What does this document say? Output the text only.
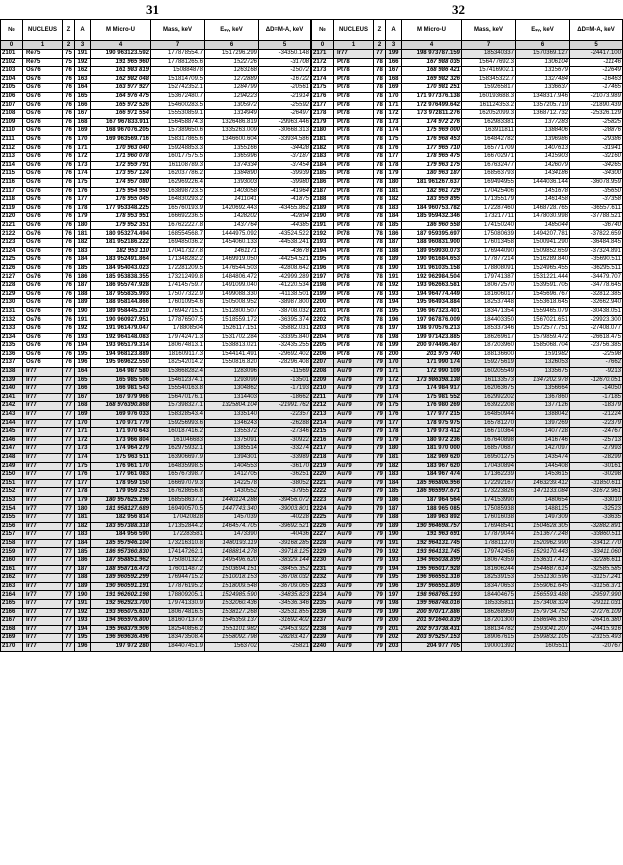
31	32
№	NUCLEUS	Z	A	M Micro-U	Mass, keV	Eₛᵥ, keV	ΔD=M-A, keV
0	1	2	3	4	7	6	5
2101	Re75	75	191	190 963123.592	177878554.7	1517296.299	-34350.148
2102	Re75	75	192	191 965 960	177881265.6	1522726	-31708
2103	Os76	76	162	161 983 819	150884878	1263168	-15072
2104	Os76	76	163	162 982 048	151814709.5	1272889	-16722
2105	Os76	76	164	163 977 927	152742352.1	1284799	-20561
2106	Os76	76	165	164 976 475	153672480.7	1294223	-21914
2107	Os76	76	166	165 972 526	154600283.5	1305972	-25592
2108	Os76	76	167	166 971 554	155530859.1	1314949	-26497
2109	Os76	76	168	167 967833.911	156458874.3	1326486.819	-29963.446
2110	Os76	76	169	168 967076.205	157389650.6	1335263.009	-30668.313
2111	Os76	76	170	169 963569.716	158317865.6	1346600.604	-33934.586
2112	Os76	76	171	170 963 040	159248853.3	1355166	-34428
2113	Os76	76	172	171 960 078	160177575.5	1365996	-37187
2114	Os76	76	173	172 959 791	161108789.3	1374334	-37454
2115	Os76	76	174	173 957 124	162037786.2	1384890	-39939
2116	Os76	76	175	174 957 080	162969226.4	1393003	-39980
2117	Os76	76	176	175 954 950	163898723.5	1403058	-41964
2118	Os76	76	177	176 955 045	164830293.2	1411041	-41875
2119	Os76	76	178	177 953348.225	165760193.9	1420692.443	-43455.862
2120	Os76	76	179	178 953 951	166692236.5	1428202	-42894
2121	Os76	76	180	179 952 351	167622227.8	1437764	-44385
2122	Os76	76	181	180 953274.494	168554568.7	1444975.092	-43524.522
2123	Os76	76	182	181 952186.222	169485036.2	1454060.133	-44538.241
2124	Os76	76	183	182 953 110	170417327.8	1461171	-43678
2125	Os76	76	184	183 952491.864	171348282.2	1469919.050	-44254.521
2126	Os76	76	185	184 954043.023	172281209.5	1476544.503	-42808.642
2127	Os76	76	186	185 953838.355	173212499.8	1484806.472	-42999.289
2128	Os76	76	187	186 955747.928	174145759.7	1491099.040	-41220.534
2129	Os76	76	188	187 955835.993	175077322.9	1499088.330	-41138.501
2130	Os76	76	189	188 958144.866	176010954.6	1505008.952	-38987.800
2131	Os76	76	190	189 958445.210	176942715.1	1512800.507	-38708.032
2132	Os76	76	191	190 960927.951	177876507.5	1518559.172	-36395.374
2133	Os76	76	192	191 961479.047	178808504	1526117.151	-35882.031
2134	Os76	76	193	192 964148.083	179742471.3	1531702.284	-33395.840
2135	Os76	76	194	193 965179.314	180674813.1	1538813.021	-32435.255
2136	Os76	76	195	194 968123.889	181609117.3	1544141.491	-29692.402
2137	Os76	76	196	195 969622.550	182542014.2	1550816.820	-28296.408
2138	Ir77	77	164	164 987 580	153668282.4	1283096	-11569
2139	Ir77	77	165	165 985 506	154612374.1	1293099	-13501
2140	Ir77	77	166	166 981 543	155540163.8	1304862	-17193
2141	Ir77	77	167	167 979 966	156470176.1	1314403	-18662
2142	Ir77	77	168	168 976390.868	157398327.1	1325804.104	-21991.762
2143	Ir77	77	169	169 976 033	158328543.4	1335140	-22357
2144	Ir77	77	170	170 971 779	159256993.6	1346243	-26288
2145	Ir77	77	171	171 970 643	160187416.2	1355372	-27346
2146	Ir77	77	172	173 966 804	161046683	1375091	-30922
2147	Ir77	77	173	174 964 279	162975932.1	1385514	-33274
2148	Ir77	77	174	175 963 511	163906697.9	1394301	-33989
2149	Ir77	77	175	176 961 170	164835998.5	1404553	-36170
2150	Ir77	77	176	177 961 083	165767398.7	1412705	-36251
2151	Ir77	77	177	178 959 150	166697079.3	1422578	-38052
2152	Ir77	77	178	179 959 253	167628656.8	1430552	-37955
2153	Ir77	77	179	180 957625.196	168558637.1	1440124.288	-39456.072
2154	Ir77	77	180	181 958127.689	169490570.5	1447743.340	-39003.801
2155	Ir77	77	181	182 956 814	170420828	1457039	-40228
2156	Ir77	77	182	183 957388.318	171352844.2	1464574.705	-39692.521
2157	Ir77	77	183	184 956 590	172283581	1473390	-40436
2158	Ir77	77	184	185 957946.104	173216310.8	1480193.119	-39168.285
2159	Ir77	77	185	186 957360.830	174147262.1	1488814.278	-39718.125
2160	Ir77	77	186	187 958851.962	175080132.2	1495496.620	-38329.144
2161	Ir77	77	187	188 958716.473	176011487.2	1503694.151	-38455.352
2162	Ir77	77	188	189 960592.299	176944715.2	1510018.153	-36708.032
2163	Ir77	77	189	190 960591.191	177876195.2	1518009.548	-36709.065
2164	Ir77	77	190	191 962602.198	178809205.1	1524985.590	-34835.823
2165	Ir77	77	191	192 962923.700	179741330.9	1532060.436	-34536.346
2166	Ir77	77	192	193 965075.610	180674816.5	1538127.268	-32531.855
2167	Ir77	77	193	194 965976.800	181607137.6	1545359.137	-31692.402
2168	Ir77	77	194	195 968379.906	182540856.2	1551101.982	-29453.922
2169	Ir77	77	195	196 969636.496	183473508.4	1558092.798	-28283.417
2170	Ir77	77	196	197 972 280	184407451.9	1563702	-25821
№	NUCLEUS	Z	A	M Micro-U	Mass, keV	Eₛᵥ, keV	ΔD=M-A, keV
0	1	2	3	4	7	6	5
2171	Ir77	77	199	198 973787.159	185340337	1570369.127	-24417.100
2172	Pt78	78	166	167 988 035	156477692.3	1306104	-11146
2173	Pt78	78	167	168 986 421	157416902.1	1315679	-12649
2174	Pt78	78	168	169 982 326	158345322.7	1327484	-16463
2175	Pt78	78	169	170 981 251	159265817	1336637	-17465
2176	Pt78	78	170	171 977376.138	160193688.3	1348317.946	-21073.989
2177	Pt78	78	171	172 976499.642	161124353.2	1357205.719	-21890.439
2178	Pt78	78	172	173 972811.276	162052099.3	1368712.732	-25326.129
2179	Pt78	78	173	174 972 276	162983381	1377283	-25825
2180	Pt78	78	174	175 969 000	163911811	1388406	-28876
2181	Pt78	78	175	176 968 453	164842782	1396986	-29386
2182	Pt78	78	176	177 965 710	165771709	1407613	-31941
2183	Pt78	78	177	178 965 475	166702971	1415903	-32160
2184	Pt78	78	178	179 963 175	167632477	1426079	-34265
2185	Pt78	78	179	180 963 187	168563793	1434186	-34300
2186	Pt78	78	180	181 961267.637	169494955	1444036.144	-36078.959
2187	Pt78	78	181	182 961 729	170425406	1451678	-35650
2188	Pt78	78	182	183 959 895	171355179	1461458	-37358
2189	Pt78	78	183	184 960753.782	172287460	1468728.765	-36557.611
2190	Pt78	78	184	185 959432.346	173217711	1478030.998	-37788.521
2191	Pt78	78	185	186 960 558	174150240	1485044	-36740
2192	Pt78	78	186	187 959395.697	175080639	1494207.781	-37822.659
2193	Pt78	78	187	188 960831.900	176013458	1500941.290	-36484.845
2194	Pt78	78	188	189 959930.073	176944090	1509852.659	-37324.891
2195	Pt78	78	189	190 961684.653	177877214	1516289.840	-35690.511
2196	Pt78	78	190	191 961035.158	178808091	1524965.455	-36295.511
2197	Pt78	78	191	192 962984.504	179741387	1531221.444	-34479.707
2198	Pt78	78	192	193 962663.581	180672570	1539591.705	-34778.645
2199	Pt78	78	193	194 964774.449	181606017	1545696.767	-32812.385
2200	Pt78	78	194	195 964934.884	182537448	1553618.645	-32662.940
2201	Pt78	78	195	196 967323.401	183471354	1559465.079	-30438.051
2202	Pt78	78	196	197 967876.009	184403350	1567021.651	-29923.300
2203	Pt78	78	197	198 970576.213	185337346	1572577.751	-27408.077
2204	Pt78	78	198	199 971423.885	186269617	1579859.472	-26618.475
2205	Pt78	78	199	200 974496.467	187203960	1585068.704	-23756.385
2206	Pt78	78	200	201 975 740	188136600	1591982	-22598
2207	Au79	79	170	171 990 174	159275619	1326053	-7662
2208	Au79	79	171	172 990 109	160205549	1335675	-9213
2209	Au79	79	172	173 986398.138	161133573	1347202.978	-12670.051
2210	Au79	79	173	174 984 917	162063675	1356664	-14050
2211	Au79	79	174	175 981 552	162992202	1367860	-17185
2212	Au79	79	175	176 980 269	163922208	1377126	-18379
2213	Au79	79	176	177 977 215	164850944	1388042	-21224
2214	Au79	79	177	178 975 975	165781270	1397269	-22379
2215	Au79	79	178	179 973 412	166710364	1407728	-24767
2216	Au79	79	179	180 972 236	167640898	1416746	-25713
2217	Au79	79	180	181 970 000	168570687	1427097	-27993
2218	Au79	79	181	182 969 620	169501275	1435474	-28299
2219	Au79	79	182	183 967 620	170430894	1445408	-30161
2220	Au79	79	183	184 967 474	171362239	1453615	-30298
2221	Au79	79	184	185 965806.956	172292167	1463239.412	-31850.611
2222	Au79	79	185	186 965997.671	173223826	1471133.084	-31672.961
2223	Au79	79	186	187 964 564	174153990	1480654	-33010
2224	Au79	79	187	188 965 085	175085938	1488125	-32523
2225	Au79	79	188	189 963 892	176016038	1497309	-33635
2226	Au79	79	189	190 964698.757	176948541	1504628.305	-32882.891
2227	Au79	79	190	191 963 691	177879044	1513677.248	-33860.511
2228	Au79	79	191	192 964131.745	178811270	1520962.990	-33412.770
2229	Au79	79	192	193 964131.745	179742456	1529170.443	-33411.060
2230	Au79	79	193	194 965038.899	180674359	1536317.417	-32286.611
2231	Au79	79	194	195 965017.928	181606244	1544687.614	-32585.585
2232	Au79	79	195	196 966551.316	182539153	1551130.596	-31157.241
2233	Au79	79	196	197 966551.809	183470653	1559061.645	-31156.371
2234	Au79	79	197	198 968765.193	184404675	1565593.488	-29597.990
2235	Au79	79	198	199 968748.016	185335811	1573408.324	-29111.031
2236	Au79	79	199	200 970717.886	186268959	1579734.752	-27276.109
2237	Au79	79	200	201 971640.839	187201300	1586946.350	-26416.380
2238	Au79	79	201	202 973738.431	188134782	1593041.207	-24415.916
2239	Au79	79	202	203 975257.153	189067615	1599832.105	-23155.493
2240	Au79	79	203	204 977 705	190001392	1605511	-20767
